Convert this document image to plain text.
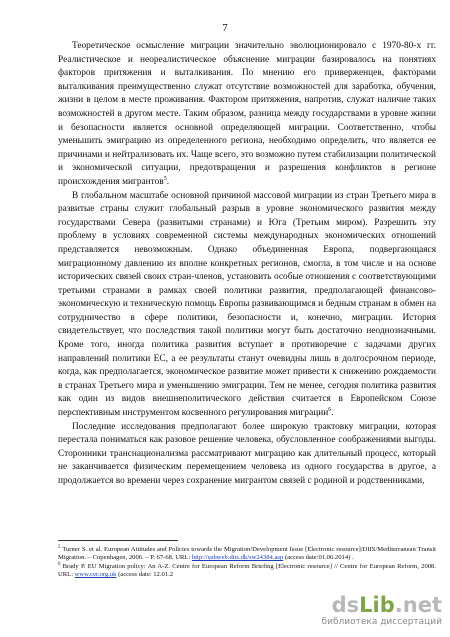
7

Теоретическое осмысление миграции значительно эволюционировало с 1970-80-х гг. Реалистическое и неореалистическое объяснение миграции базировалось на понятиях факторов притяжения и выталкивания. По мнению его приверженцев, факторами выталкивания преимущественно служат отсутствие возможностей для заработка, обучения, жизни в целом в месте проживания. Фактором притяжения, напротив, служат наличие таких возможностей в другом месте. Таким образом, разница между государствами в уровне жизни и безопасности является основной определяющей миграции. Соответственно, чтобы уменьшить эмиграцию из определенного региона, необходимо определить, что является ее причинами и нейтрализовать их. Чаще всего, это возможно путем стабилизации политической и экономической ситуации, предотвращения и разрешения конфликтов в регионе происхождения мигрантов$^5$.

В глобальном масштабе основной причиной массовой миграции из стран Третьего мира в развитые страны служит глобальный разрыв в уровне экономического развития между государствами Севера (развитыми странами) и Юга (Третьим миром). Разрешить эту проблему в условиях современной системы международных экономических отношений представляется невозможным. Однако объединенная Европа, подвергающаяся миграционному давлению из вполне конкретных регионов, смогла, в том числе и на основе исторических связей своих стран-членов, установить особые отношения с соответствующими третьими странами в рамках своей политики развития, предполагающей финансово-экономическую и техническую помощь Европы развивающимся и бедным странам в обмен на сотрудничество в сфере политики, безопасности и, конечно, миграции. История свидетельствует, что последствия такой политики могут быть достаточно неоднозначными. Кроме того, иногда политика развития вступает в противоречие с задачами других направлений политики ЕС, а ее результаты станут очевидны лишь в долгосрочном периоде, когда, как предполагается, экономическое развитие может привести к снижению рождаемости в странах Третьего мира и уменьшению эмиграции. Тем не менее, сегодня политика развития как один из видов внешнеполитического действия считается в Европейском Союзе перспективным инструментом косвенного регулирования миграции$^6$.

Последние исследования предполагают более широкую трактовку миграции, которая перестала пониматься как разовое решение человека, обусловленное соображениями выгоды. Сторонники транснационализма рассматривают миграцию как длительный процесс, который не заканчивается физическим перемещением человека из одного государства в другое, а продолжается во времени через сохранение мигрантом связей с родиной и родственниками,

$^5$ Turner S. et al. European Attitudes and Policies towards the Migration/Development Issue [Electronic resource]/DIIS/Mediterranean Transit Migration. – Copenhagen, 2006. – P. 67-68. URL: http://subweb.diis.dk/sw24384.asp (access date:01.06.2014) .

$^6$ Brady P. EU Migration policy: An A-Z. Centre for European Reform Briefing [Electronic resource] // Centre for European Reform, 2008. URL: www.cer.org.uk (access date: 12.01.2

dsLib.net
библиотека диссертаций
